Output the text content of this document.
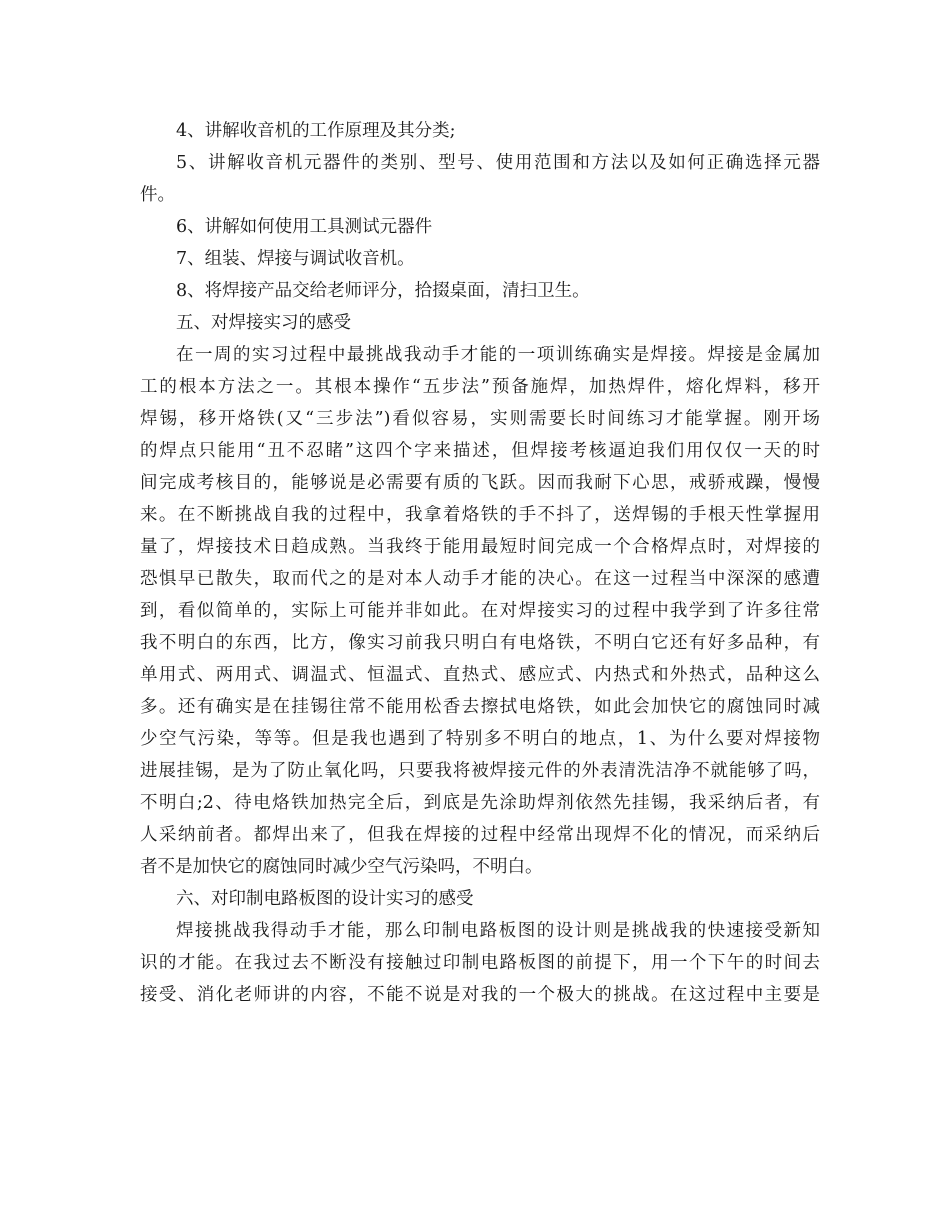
4、讲解收音机的工作原理及其分类;
5、讲解收音机元器件的类别、型号、使用范围和方法以及如何正确选择元器
件。
6、讲解如何使用工具测试元器件
7、组装、焊接与调试收音机。
8、将焊接产品交给老师评分，拾掇桌面，清扫卫生。
五、对焊接实习的感受
在一周的实习过程中最挑战我动手才能的一项训练确实是焊接。焊接是金属加
工的根本方法之一。其根本操作“五步法”预备施焊，加热焊件，熔化焊料，移开
焊锡，移开烙铁(又“三步法”)看似容易，实则需要长时间练习才能掌握。刚开场
的焊点只能用“丑不忍睹”这四个字来描述，但焊接考核逼迫我们用仅仅一天的时
间完成考核目的，能够说是必需要有质的飞跃。因而我耐下心思，戒骄戒躁，慢慢
来。在不断挑战自我的过程中，我拿着烙铁的手不抖了，送焊锡的手根天性掌握用
量了，焊接技术日趋成熟。当我终于能用最短时间完成一个合格焊点时，对焊接的
恐惧早已散失，取而代之的是对本人动手才能的决心。在这一过程当中深深的感遭
到，看似简单的，实际上可能并非如此。在对焊接实习的过程中我学到了许多往常
我不明白的东西，比方，像实习前我只明白有电烙铁，不明白它还有好多品种，有
单用式、两用式、调温式、恒温式、直热式、感应式、内热式和外热式，品种这么
多。还有确实是在挂锡往常不能用松香去擦拭电烙铁，如此会加快它的腐蚀同时减
少空气污染，等等。但是我也遇到了特别多不明白的地点，1、为什么要对焊接物
进展挂锡，是为了防止氧化吗，只要我将被焊接元件的外表清洗洁净不就能够了吗，
不明白;2、待电烙铁加热完全后，到底是先涂助焊剂依然先挂锡，我采纳后者，有
人采纳前者。都焊出来了，但我在焊接的过程中经常出现焊不化的情况，而采纳后
者不是加快它的腐蚀同时减少空气污染吗，不明白。
六、对印制电路板图的设计实习的感受
焊接挑战我得动手才能，那么印制电路板图的设计则是挑战我的快速接受新知
识的才能。在我过去不断没有接触过印制电路板图的前提下，用一个下午的时间去
接受、消化老师讲的内容，不能不说是对我的一个极大的挑战。在这过程中主要是
